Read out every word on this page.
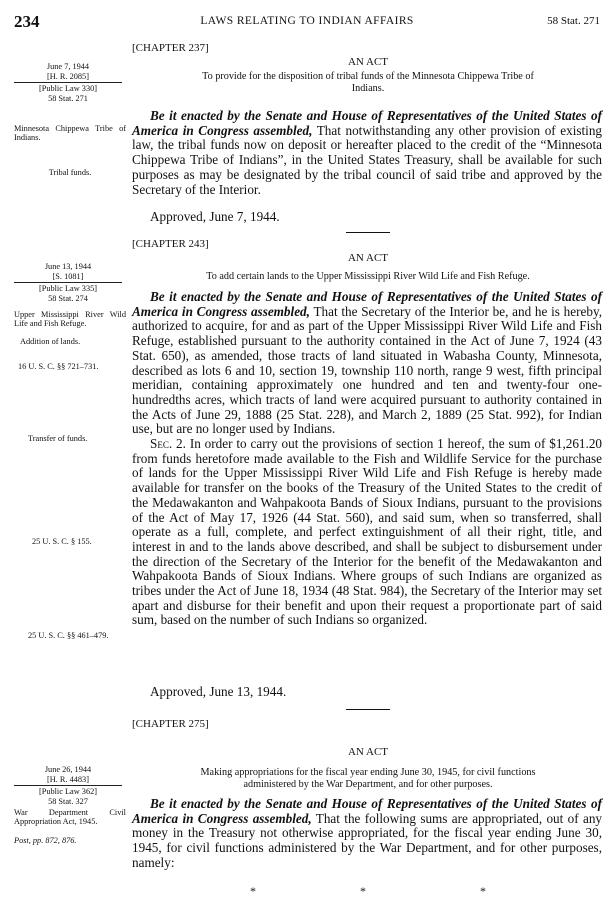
234	LAWS RELATING TO INDIAN AFFAIRS	58 Stat. 271
[CHAPTER 237]
AN ACT
To provide for the disposition of tribal funds of the Minnesota Chippewa Tribe of
Indians.
June 7, 1944
[H. R. 2085]
[Public Law 330]
58 Stat. 271

Be it enacted by the Senate and House of Representatives of the United States of America in Congress assembled, That notwithstanding any other provision of existing law, the tribal funds now on deposit or hereafter placed to the credit of the “Minnesota Chippewa Tribe of Indians”, in the United States Treasury, shall be available for such purposes as may be designated by the tribal council of said tribe and approved by the Secretary of the Interior.

Approved, June 7, 1944.
Minnesota Chippewa Tribe of Indians.
Tribal funds.
[CHAPTER 243]
AN ACT
To add certain lands to the Upper Mississippi River Wild Life and Fish Refuge.
June 13, 1944
[S. 1081]
[Public Law 335]
58 Stat. 274	Be it enacted by the Senate and House of Representatives of the United States of America in Congress assembled, That the Secretary of the Interior be, and he is hereby, authorized to acquire, for and as part of the Upper Mississippi River Wild Life and Fish Refuge, established pursuant to the authority contained in the Act of June 7, 1924 (43 Stat. 650), as amended, those tracts of land situated in Wabasha County, Minnesota, described as lots 6 and 10, section 19, township 110 north, range 9 west, fifth principal meridian, containing approximately one hundred and ten and twenty-four one-hundredths acres, which tracts of land were acquired pursuant to authority contained in the Acts of June 29, 1888 (25 Stat. 228), and March 2, 1889 (25 Stat. 992), for Indian use, but are no longer used by Indians.

Sec. 2. In order to carry out the provisions of section 1 hereof, the sum of $1,261.20 from funds heretofore made available to the Fish and Wildlife Service for the purchase of lands for the Upper Mississippi River Wild Life and Fish Refuge is hereby made available for transfer on the books of the Treasury of the United States to the credit of the Medawakanton and Wahpakoota Bands of Sioux Indians, pursuant to the provisions of the Act of May 17, 1926 (44 Stat. 560), and said sum, when so transferred, shall operate as a full, complete, and perfect extinguishment of all their right, title, and interest in and to the lands above described, and shall be subject to disbursement under the direction of the Secretary of the Interior for the benefit of the Medawakanton and Wahpakoota Bands of Sioux Indians. Where groups of such Indians are organized as tribes under the Act of June 18, 1934 (48 Stat. 984), the Secretary of the Interior may set apart and disburse for their benefit and upon their request a proportionate part of said sum, based on the number of such Indians so organized.

Approved, June 13, 1944.
Upper Mississippi River Wild Life and Fish Refuge.
Addition of lands.
16 U. S. C. §§ 721–731.
Transfer of funds.
25 U. S. C. § 155.
25 U. S. C. §§ 461–479.
[CHAPTER 275]
AN ACT
Making appropriations for the fiscal year ending June 30, 1945, for civil functions
administered by the War Department, and for other purposes.
June 26, 1944
[H. R. 4483]
[Public Law 362]
58 Stat. 327	Be it enacted by the Senate and House of Representatives of the United States of America in Congress assembled, That the following sums are appropriated, out of any money in the Treasury not otherwise appropriated, for the fiscal year ending June 30, 1945, for civil functions administered by the War Department, and for other purposes, namely:

War Department Civil Appropriation Act, 1945.
Post, pp. 872, 876.
*	*	*
